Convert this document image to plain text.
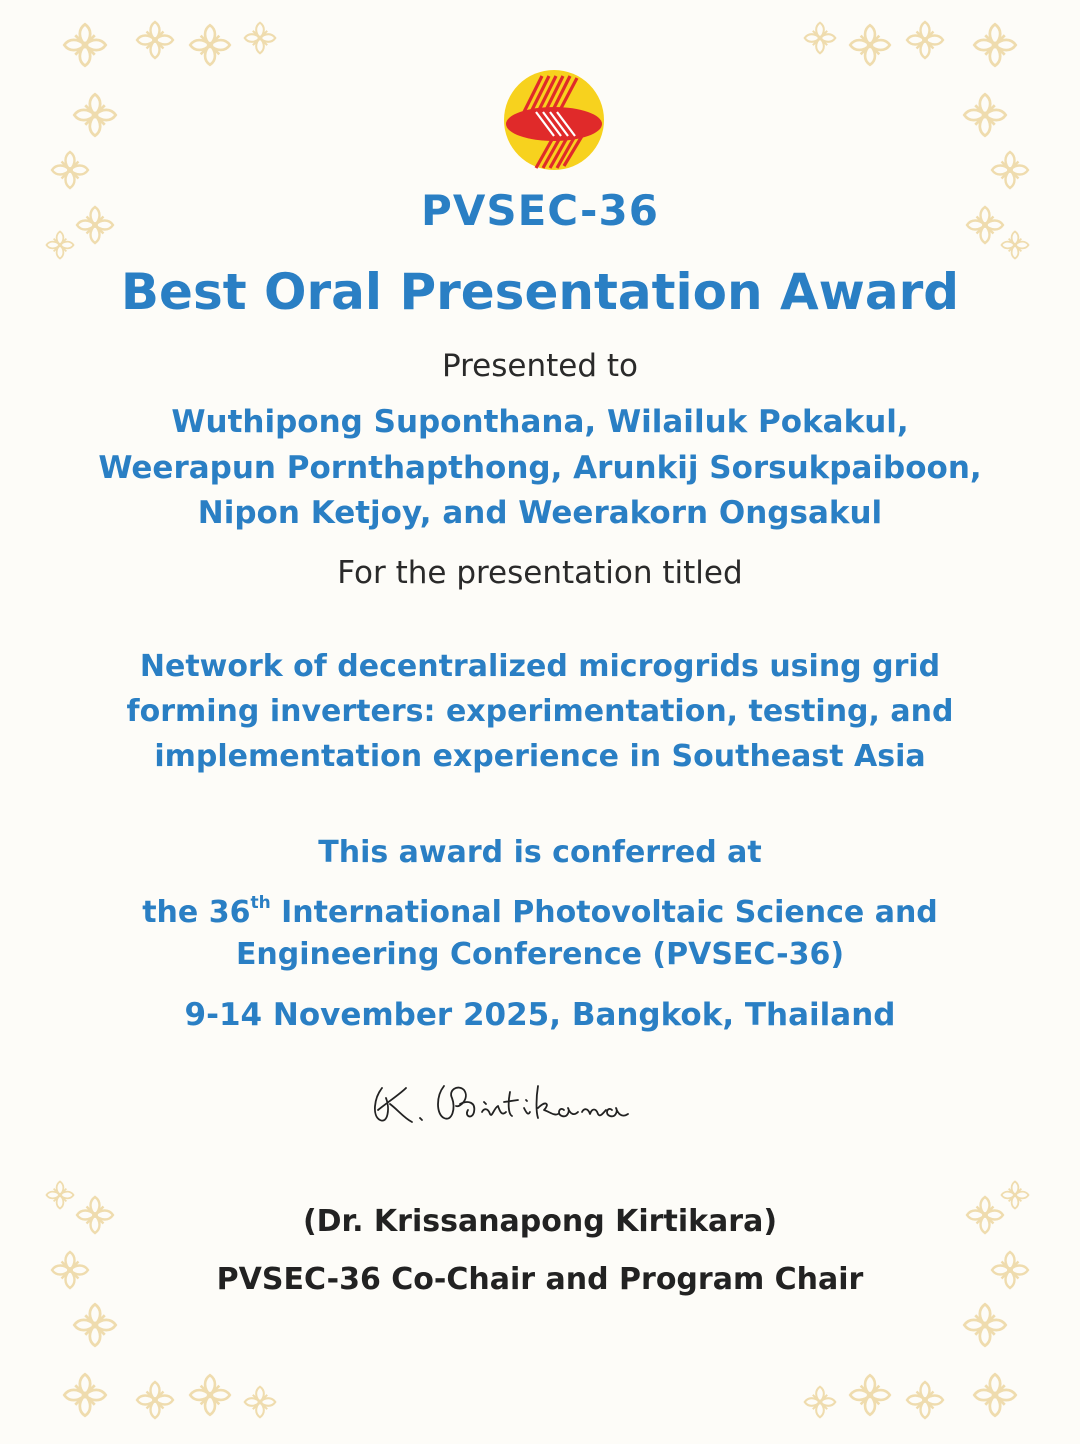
PVSEC-36
Best Oral Presentation Award
Presented to
Wuthipong Suponthana, Wilailuk Pokakul,
Weerapun Pornthapthong, Arunkij Sorsukpaiboon,
Nipon Ketjoy, and Weerakorn Ongsakul
For the presentation titled
Network of decentralized microgrids using grid
forming inverters: experimentation, testing, and
implementation experience in Southeast Asia
This award is conferred at
the 36th International Photovoltaic Science and
Engineering Conference (PVSEC-36)
9-14 November 2025, Bangkok, Thailand
(Dr. Krissanapong Kirtikara)
PVSEC-36 Co-Chair and Program Chair
